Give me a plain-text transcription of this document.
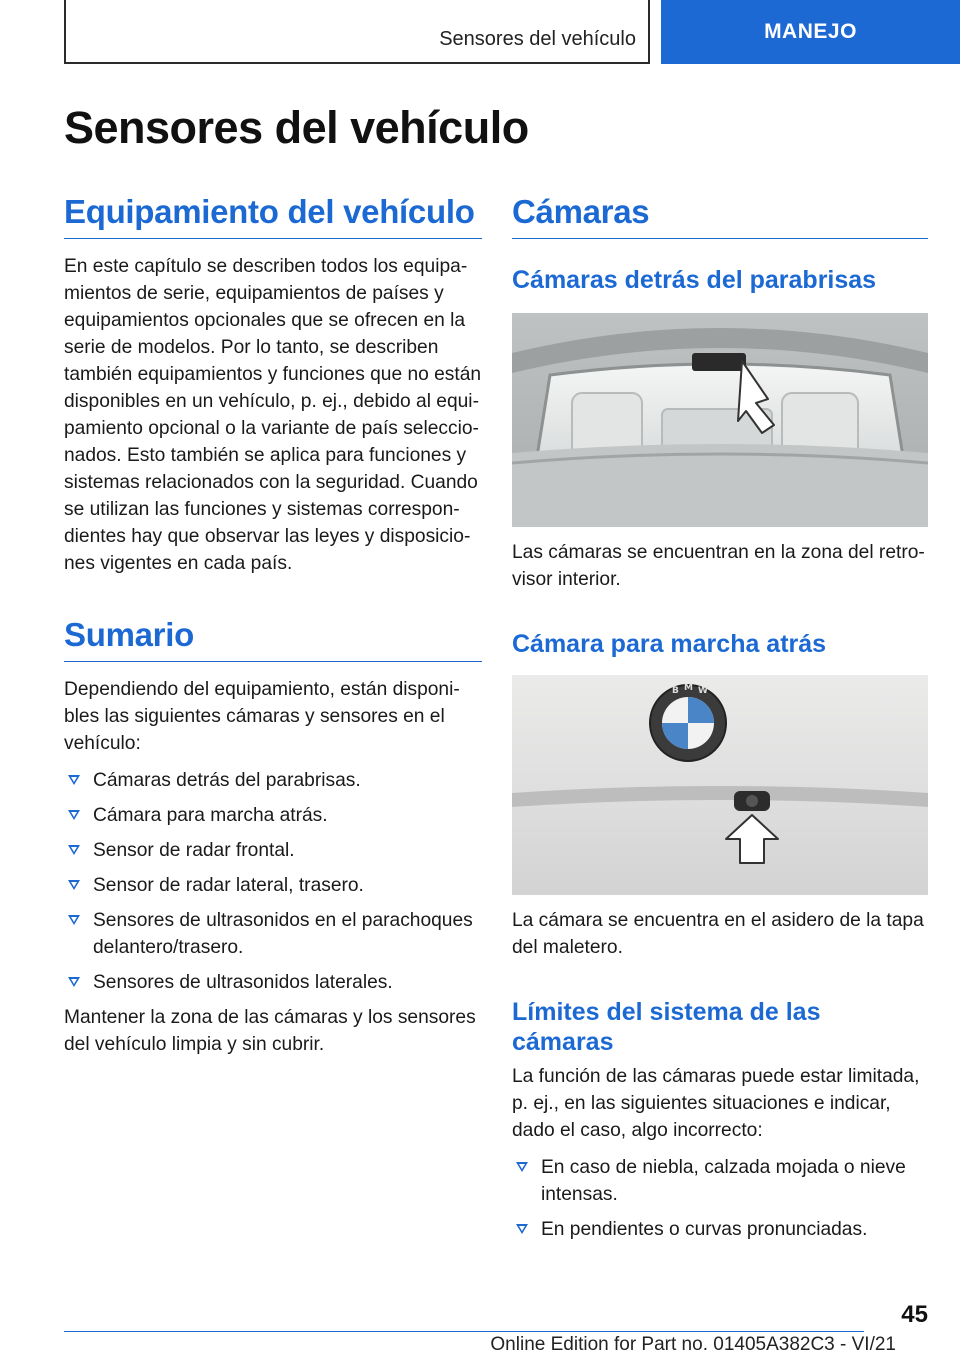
Sensores del vehículo	MANEJO
Sensores del vehículo
Equipamiento del vehículo

En este capítulo se describen todos los equipamientos de serie, equipamientos de países y equipamientos opcionales que se ofrecen en la serie de modelos. Por lo tanto, se describen también equipamientos y funciones que no están disponibles en un vehículo, p. ej., debido al equipamiento opcional o la variante de país seleccionados. Esto también se aplica para funciones y sistemas relacionados con la seguridad. Cuando se utilizan las funciones y sistemas correspondientes hay que observar las leyes y disposiciones vigentes en cada país.

Sumario

Dependiendo del equipamiento, están disponibles las siguientes cámaras y sensores en el vehículo:

Cámaras detrás del parabrisas.
Cámara para marcha atrás.
Sensor de radar frontal.
Sensor de radar lateral, trasero.
Sensores de ultrasonidos en el parachoques delantero/trasero.
Sensores de ultrasonidos laterales.

Mantener la zona de las cámaras y los sensores del vehículo limpia y sin cubrir.

Cámaras
Cámaras detrás del parabrisas

Las cámaras se encuentran en la zona del retrovisor interior.

Cámara para marcha atrás
B M W

La cámara se encuentra en el asidero de la tapa del maletero.

Límites del sistema de las cámaras

La función de las cámaras puede estar limitada, p. ej., en las siguientes situaciones e indicar, dado el caso, algo incorrecto:

En caso de niebla, calzada mojada o nieve intensas.
En pendientes o curvas pronunciadas.
45
Online Edition for Part no. 01405A382C3 - VI/21
